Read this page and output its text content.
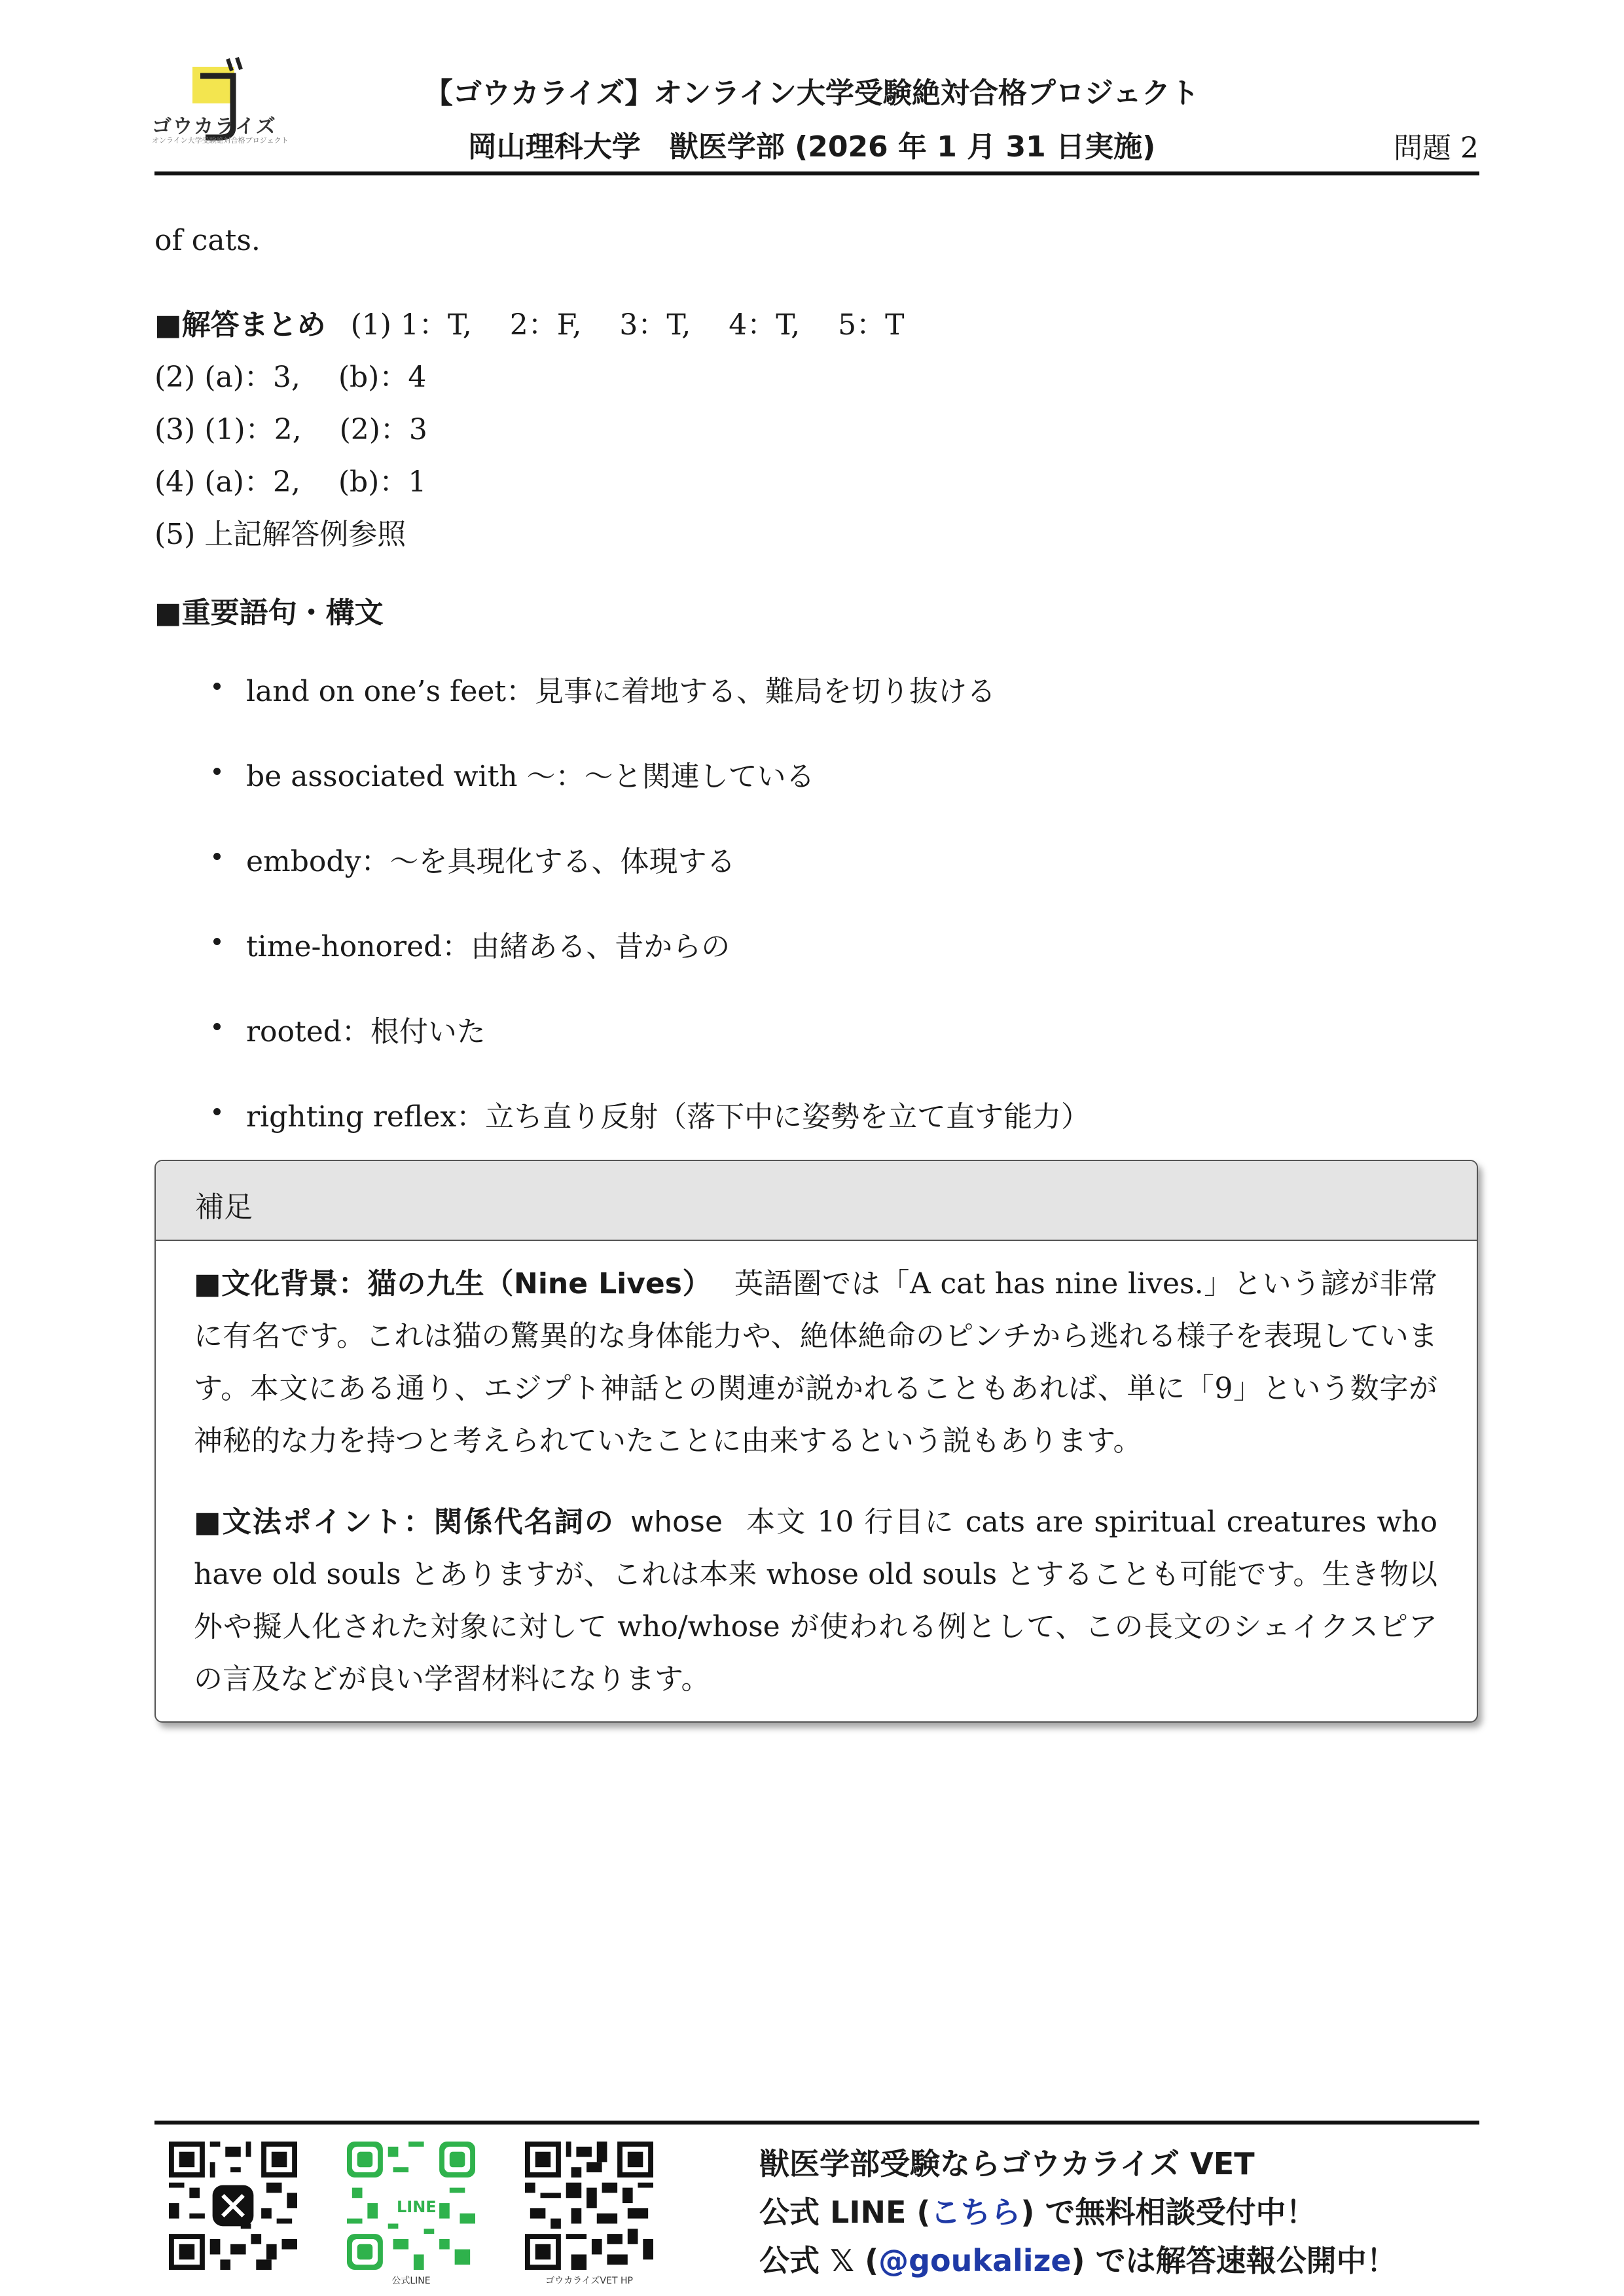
ゴウカライズ
オンライン大学受験絶対合格プロジェクト
【ゴウカライズ】オンライン大学受験絶対合格プロジェクト
岡山理科大学　獣医学部 (2026 年 1 月 31 日実施)	問題 2
of cats.
■解答まとめ (1) 1：T,　 2：F,　 3：T,　 4：T,　 5：T
(2) (a)：3,　 (b)：4
(3) (1)：2,　 (2)：3
(4) (a)：2,　 (b)：1
(5) 上記解答例参照
■重要語句・構文
land on one’s feet：見事に着地する、難局を切り抜ける
be associated with ～：～と関連している
embody：～を具現化する、体現する
time-honored：由緒ある、昔からの
rooted：根付いた
righting reflex：立ち直り反射（落下中に姿勢を立て直す能力）
補足
■文化背景：猫の九生（Nine Lives） 英語圏では「A cat has nine lives.」という諺が非常に有名です。これは猫の驚異的な身体能力や、絶体絶命のピンチから逃れる様子を表現しています。本文にある通り、エジプト神話との関連が説かれることもあれば、単に「9」という数字が神秘的な力を持つと考えられていたことに由来するという説もあります。
■文法ポイント：関係代名詞の whose 本文 10 行目に cats are spiritual creatures who have old souls とありますが、これは本来 whose old souls とすることも可能です。生き物以外や擬人化された対象に対して who/whose が使われる例として、この長文のシェイクスピアの言及などが良い学習材料になります。
LINE
公式LINE	ゴウカライズVET HP
獣医学部受験ならゴウカライズ VET
公式 LINE (こちら) で無料相談受付中！
公式 𝕏 (@goukalize) では解答速報公開中！
